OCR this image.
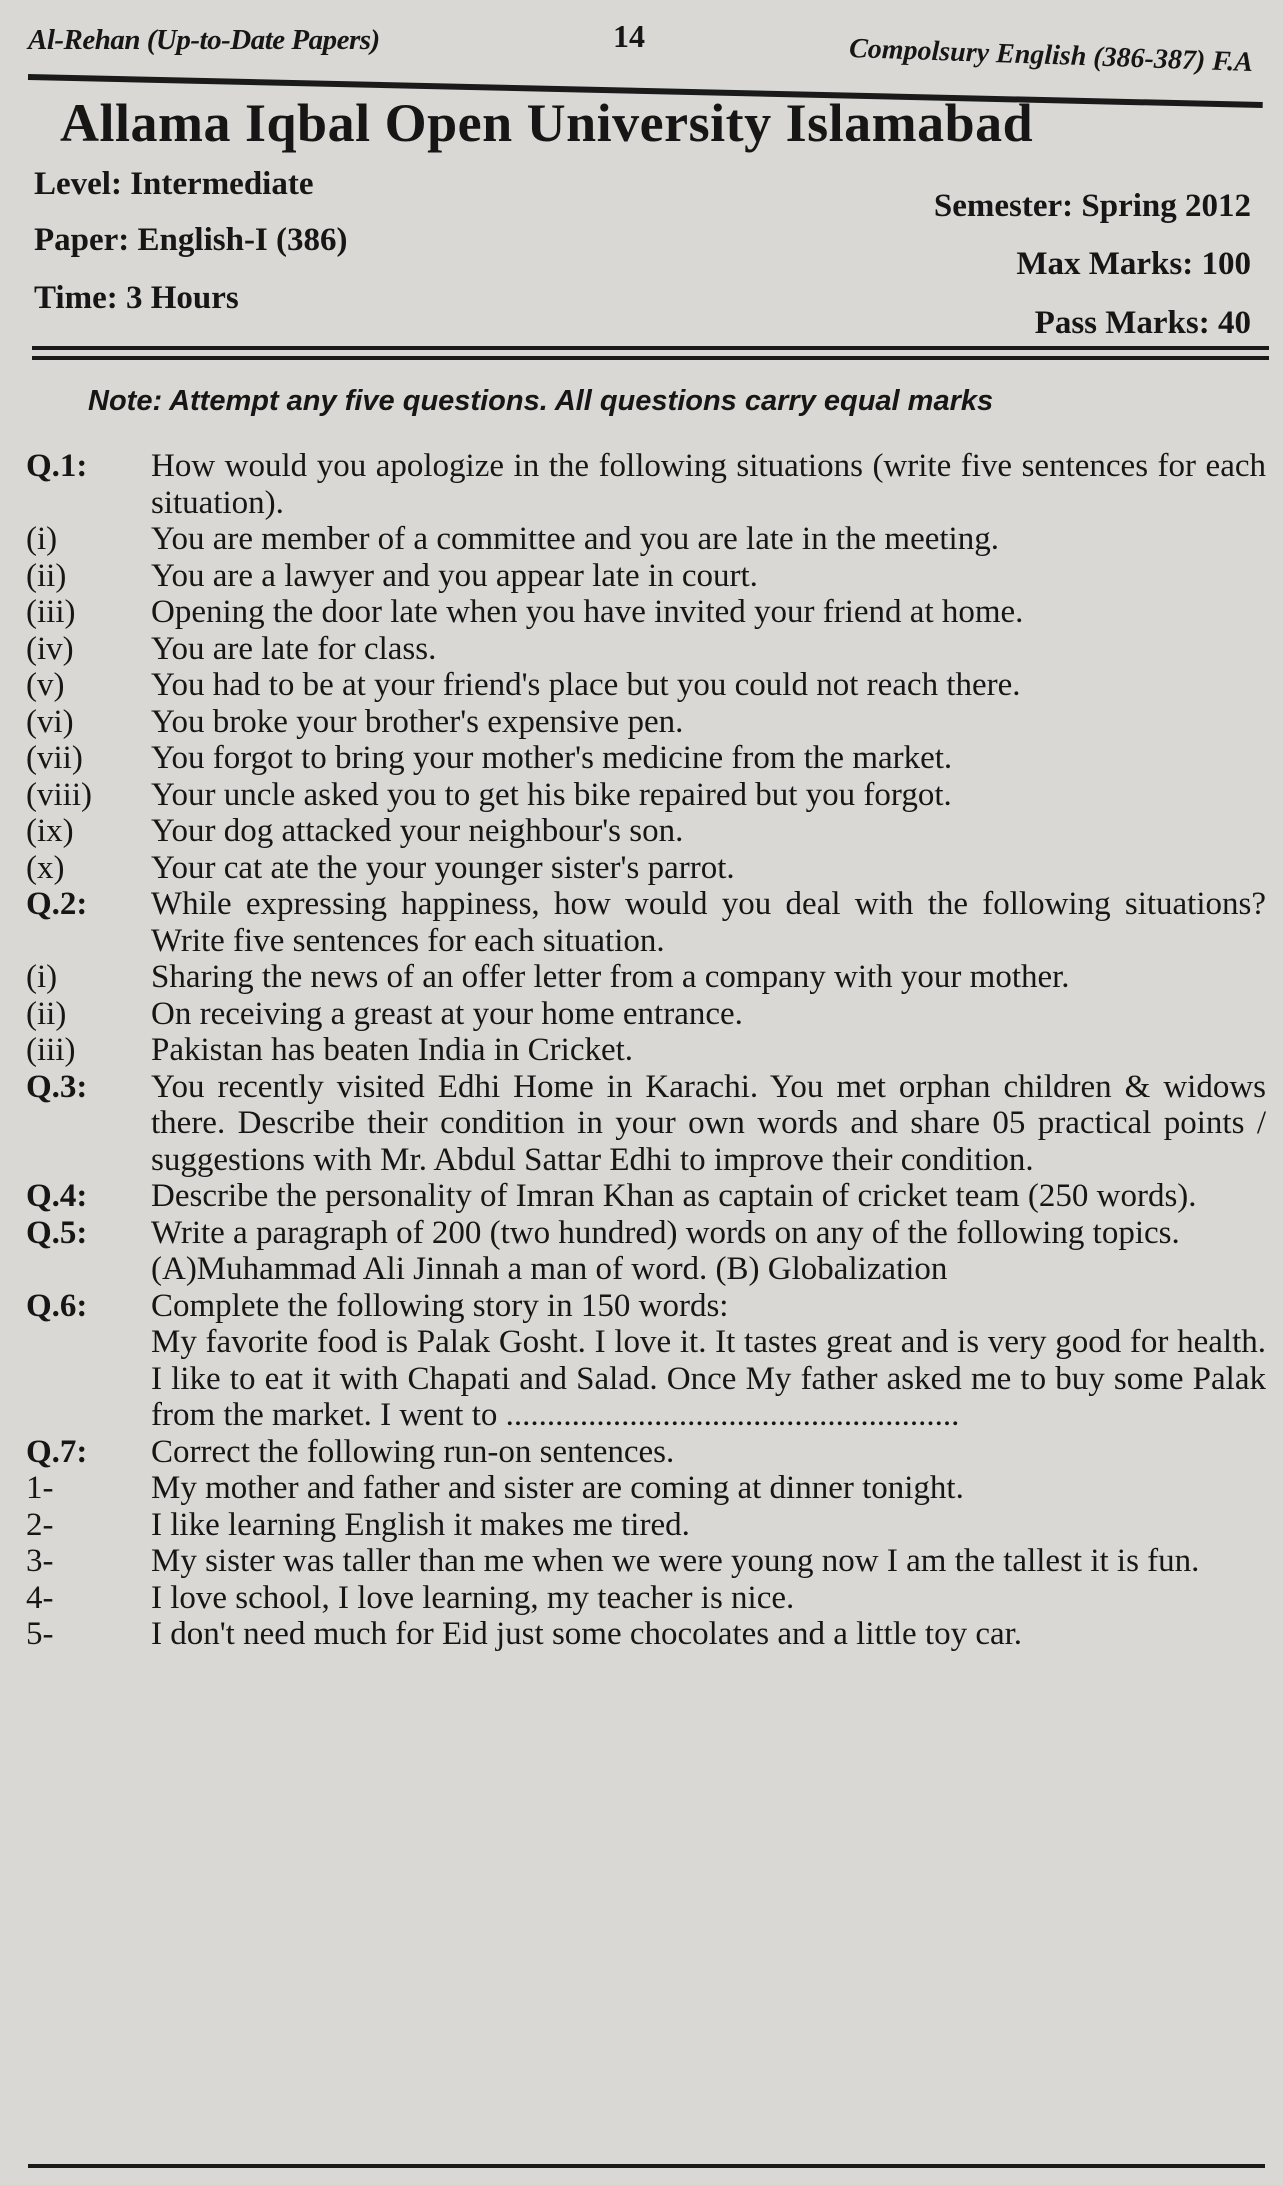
Al-Rehan (Up-to-Date Papers)	14	Compolsury English (386-387) F.A
Allama Iqbal Open University Islamabad
Level: Intermediate
Paper: English-I (386)
Time: 3 Hours
Semester: Spring 2012
Max Marks: 100
Pass Marks: 40
Note: Attempt any five questions. All questions carry equal marks
Q.1:	How would you apologize in the following situations (write five sentences for each situation).
(i)	You are member of a committee and you are late in the meeting.
(ii)	You are a lawyer and you appear late in court.
(iii)	Opening the door late when you have invited your friend at home.
(iv)	You are late for class.
(v)	You had to be at your friend's place but you could not reach there.
(vi)	You broke your brother's expensive pen.
(vii)	You forgot to bring your mother's medicine from the market.
(viii)	Your uncle asked you to get his bike repaired but you forgot.
(ix)	Your dog attacked your neighbour's son.
(x)	Your cat ate the your younger sister's parrot.
Q.2:	While expressing happiness, how would you deal with the following situations? Write five sentences for each situation.
(i)	Sharing the news of an offer letter from a company with your mother.
(ii)	On receiving a greast at your home entrance.
(iii)	Pakistan has beaten India in Cricket.
Q.3:	You recently visited Edhi Home in Karachi. You met orphan children & widows there. Describe their condition in your own words and share 05 practical points / suggestions with Mr. Abdul Sattar Edhi to improve their condition.
Q.4:	Describe the personality of Imran Khan as captain of cricket team (250 words).
Q.5:	Write a paragraph of 200 (two hundred) words on any of the following topics.
(A)Muhammad Ali Jinnah a man of word. (B) Globalization
Q.6:	Complete the following story in 150 words:
My favorite food is Palak Gosht. I love it. It tastes great and is very good for health. I like to eat it with Chapati and Salad. Once My father asked me to buy some Palak from the market. I went to .......................................................
Q.7:	Correct the following run-on sentences.
1-	My mother and father and sister are coming at dinner tonight.
2-	I like learning English it makes me tired.
3-	My sister was taller than me when we were young now I am the tallest it is fun.
4-	I love school, I love learning, my teacher is nice.
5-	I don't need much for Eid just some chocolates and a little toy car.
